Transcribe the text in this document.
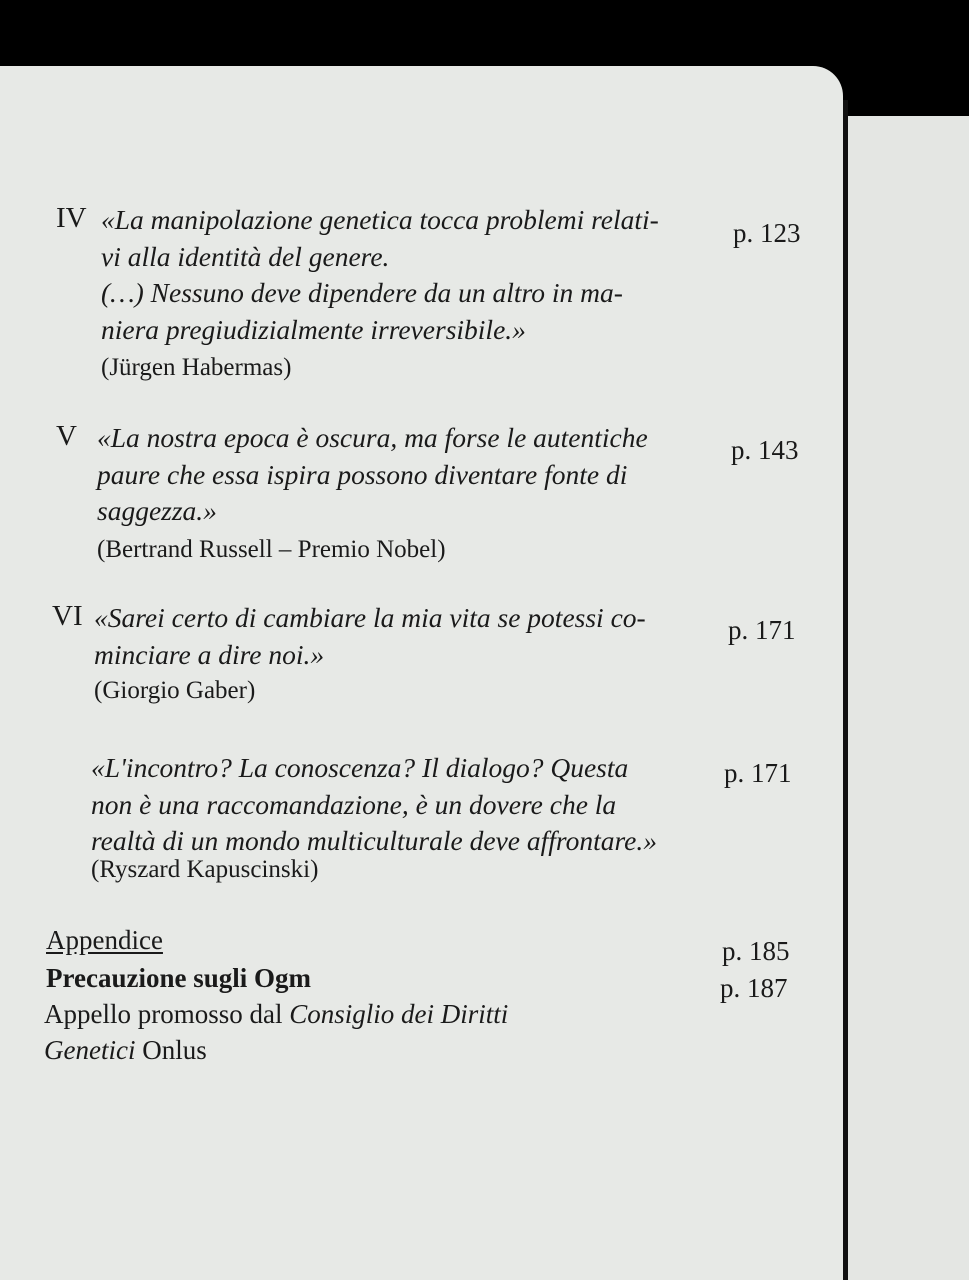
IV «La manipolazione genetica tocca problemi relati-
vi alla identità del genere.
(…) Nessuno deve dipendere da un altro in ma-
niera pregiudizialmente irreversibile.»
(Jürgen Habermas)
p. 123
V «La nostra epoca è oscura, ma forse le autentiche
paure che essa ispira possono diventare fonte di
saggezza.»
(Bertrand Russell – Premio Nobel)
p. 143
VI «Sarei certo di cambiare la mia vita se potessi co-
minciare a dire noi.»
(Giorgio Gaber)
p. 171
«L'incontro? La conoscenza? Il dialogo? Questa
non è una raccomandazione, è un dovere che la
realtà di un mondo multiculturale deve affrontare.»
(Ryszard Kapuscinski)
p. 171
Appendice	p. 185
Precauzione sugli Ogm	p. 187
Appello promosso dal Consiglio dei Diritti
Genetici Onlus
